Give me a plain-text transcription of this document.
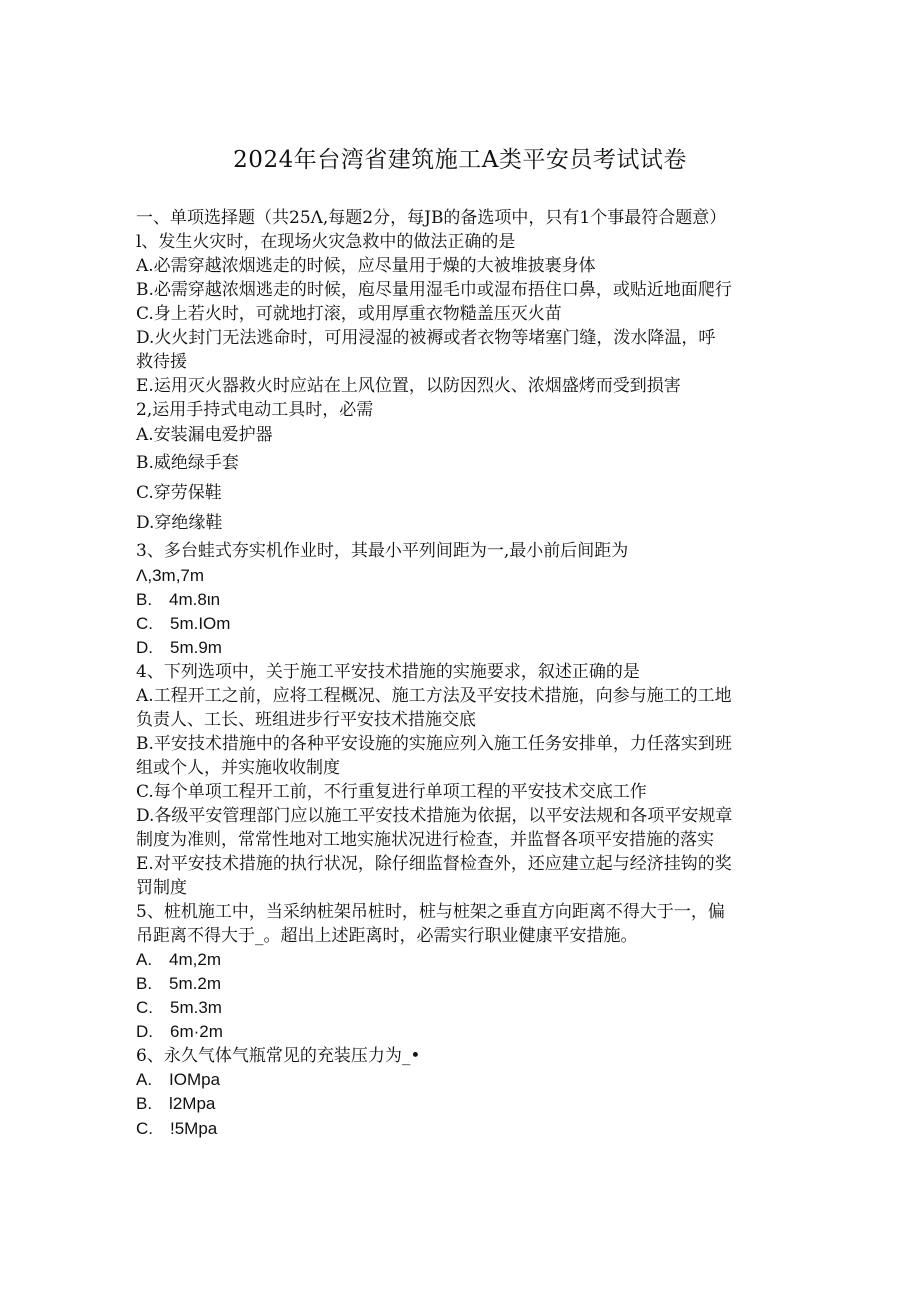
2024年台湾省建筑施工A类平安员考试试卷
一、单项选择题（共25Λ,每题2分，每JB的备选项中，只有1个事最符合题意）
l、发生火灾时，在现场火灾急救中的做法正确的是
A.必需穿越浓烟逃走的时候，应尽量用于燥的大被堆披裹身体
B.必需穿越浓烟逃走的时候，庖尽量用湿毛巾或湿布捂住口鼻，或贴近地面爬行
C.身上若火时，可就地打滚，或用厚重衣物糙盖压灭火苗
D.火火封门无法逃命时，可用浸湿的被褥或者衣物等堵塞门缝，泼水降温，呼
救待援
E.运用灭火器救火时应站在上风位置，以防因烈火、浓烟盛烤而受到损害
2,运用手持式电动工具时，必需
A.安装漏电爱护器
B.威绝绿手套
C.穿劳保鞋
D.穿绝缘鞋
3、多台蛙式夯实机作业时，其最小平列间距为一,最小前后间距为
Λ,3m,7m
B.　4m.8ιn
C.　5m.IOm
D.　5m.9m
4、下列选项中，关于施工平安技术措施的实施要求，叙述正确的是
A.工程开工之前，应将工程概况、施工方法及平安技术措施，向参与施工的工地
负责人、工长、班组进步行平安技术措施交底
B.平安技术措施中的各种平安设施的实施应列入施工任务安排单，力任落实到班
组或个人，并实施收收制度
C.每个单项工程开工前，不行重复进行单项工程的平安技术交底工作
D.各级平安管理部门应以施工平安技术措施为依据，以平安法规和各项平安规章
制度为准则，常常性地对工地实施状况进行检查，并监督各项平安措施的落实
E.对平安技术措施的执行状况，除仔细监督检查外，还应建立起与经济挂钩的奖
罚制度
5、桩机施工中，当采纳桩架吊桩时，桩与桩架之垂直方向距离不得大于一，偏
吊距离不得大于_。超出上述距离时，必需实行职业健康平安措施。
A.　4m,2m
B.　5m.2m
C.　5m.3m
D.　6m·2m
6、永久气体气瓶常见的充装压力为_•
A.　IOMpa
B.　l2Mpa
C.　!5Mpa
